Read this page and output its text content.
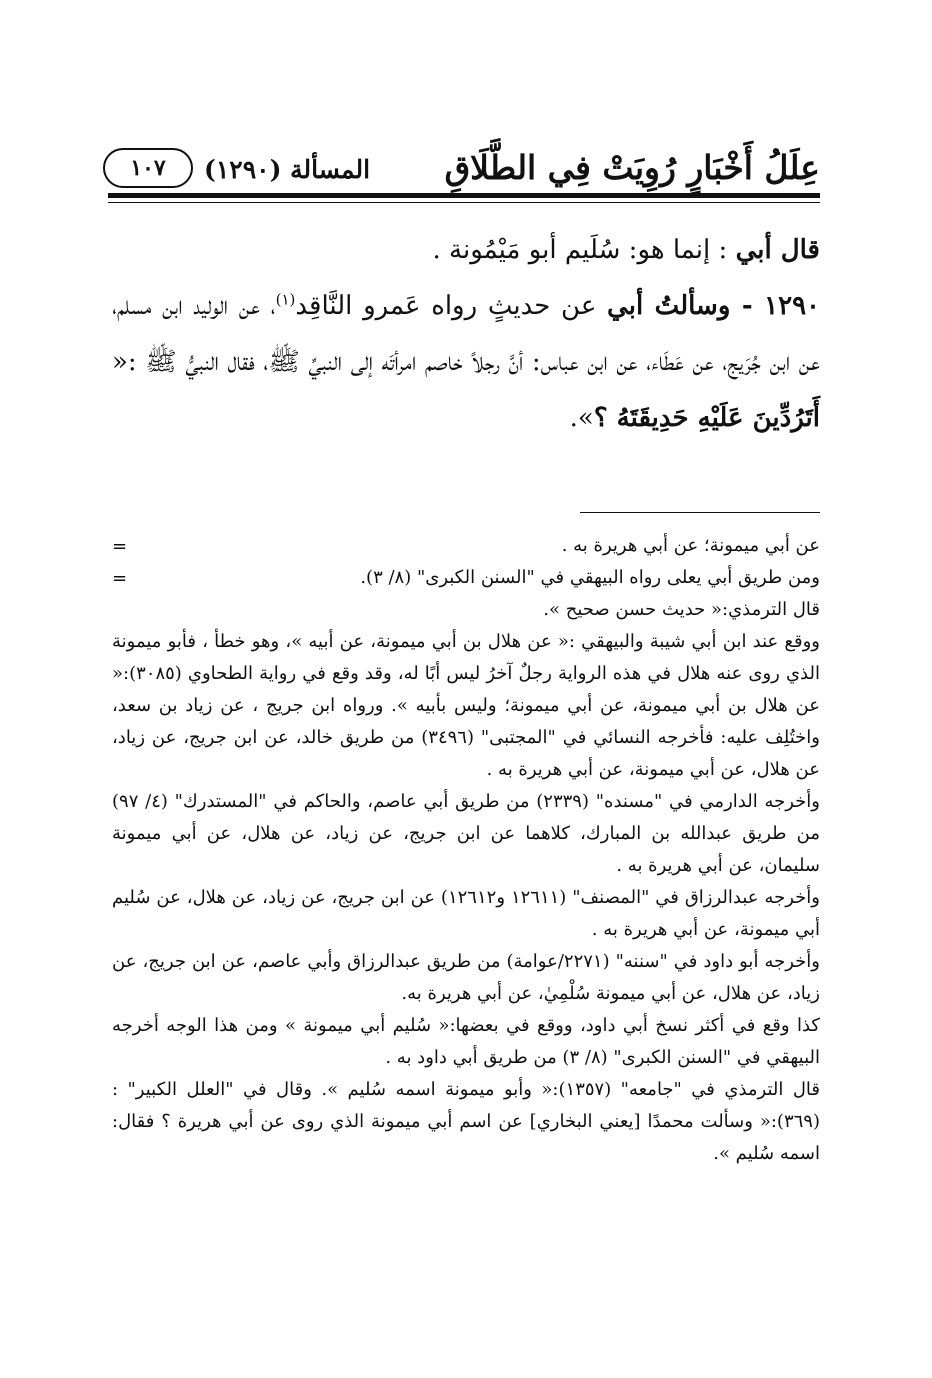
عِلَلُ أَخْبَارٍ رُوِيَتْ فِي الطَّلَاقِ
المسألة (١٢٩٠)
١٠٧

قال أبي : إنما هو: سُلَيم أبو مَيْمُونة .

١٢٩٠ - وسألتُ أبي عن حديثٍ رواه عَمرو النَّاقِد$^{(١)}$، عن الوليد ابن مسلم، عن ابن جُرَيج، عن عَطَاء، عن ابن عباس: أنَّ رجلاً خاصم امرأتَه إلى النبيِّ ﷺ، فقال النبيُّ ﷺ :« أَتَرُدِّينَ عَلَيْهِ حَدِيقَتَهُ ؟».

=
=

عن أبي ميمونة؛ عن أبي هريرة به .

ومن طريق أبي يعلى رواه البيهقي في "السنن الكبرى" (٨/ ٣).

قال الترمذي:« حديث حسن صحيح ».

ووقع عند ابن أبي شيبة والبيهقي :« عن هلال بن أبي ميمونة، عن أبيه »، وهو خطأ ، فأبو ميمونة الذي روى عنه هلال في هذه الرواية رجلٌ آخرُ ليس أبًا له، وقد وقع في رواية الطحاوي (٣٠٨٥):« عن هلال بن أبي ميمونة، عن أبي ميمونة؛ وليس بأبيه ». ورواه ابن جريج ، عن زياد بن سعد، واختُلِف عليه: فأخرجه النسائي في "المجتبى" (٣٤٩٦) من طريق خالد، عن ابن جريج، عن زياد، عن هلال، عن أبي ميمونة، عن أبي هريرة به .

وأخرجه الدارمي في "مسنده" (٢٣٣٩) من طريق أبي عاصم، والحاكم في "المستدرك" (٤/ ٩٧) من طريق عبدالله بن المبارك، كلاهما عن ابن جريج، عن زياد، عن هلال، عن أبي ميمونة سليمان، عن أبي هريرة به .

وأخرجه عبدالرزاق في "المصنف" (١٢٦١١ و١٢٦١٢) عن ابن جريج، عن زياد، عن هلال، عن سُليم أبي ميمونة، عن أبي هريرة به .

وأخرجه أبو داود في "سننه" (٢٢٧١/عوامة) من طريق عبدالرزاق وأبي عاصم، عن ابن جريج، عن زياد، عن هلال، عن أبي ميمونة سُلْمِيٰ، عن أبي هريرة به.

كذا وقع في أكثر نسخ أبي داود، ووقع في بعضها:« سُليم أبي ميمونة » ومن هذا الوجه أخرجه البيهقي في "السنن الكبرى" (٨/ ٣) من طريق أبي داود به .

قال الترمذي في "جامعه" (١٣٥٧):« وأبو ميمونة اسمه سُليم ». وقال في "العلل الكبير" : (٣٦٩):« وسألت محمدًا [يعني البخاري] عن اسم أبي ميمونة الذي روى عن أبي هريرة ؟ فقال: اسمه سُليم ».
